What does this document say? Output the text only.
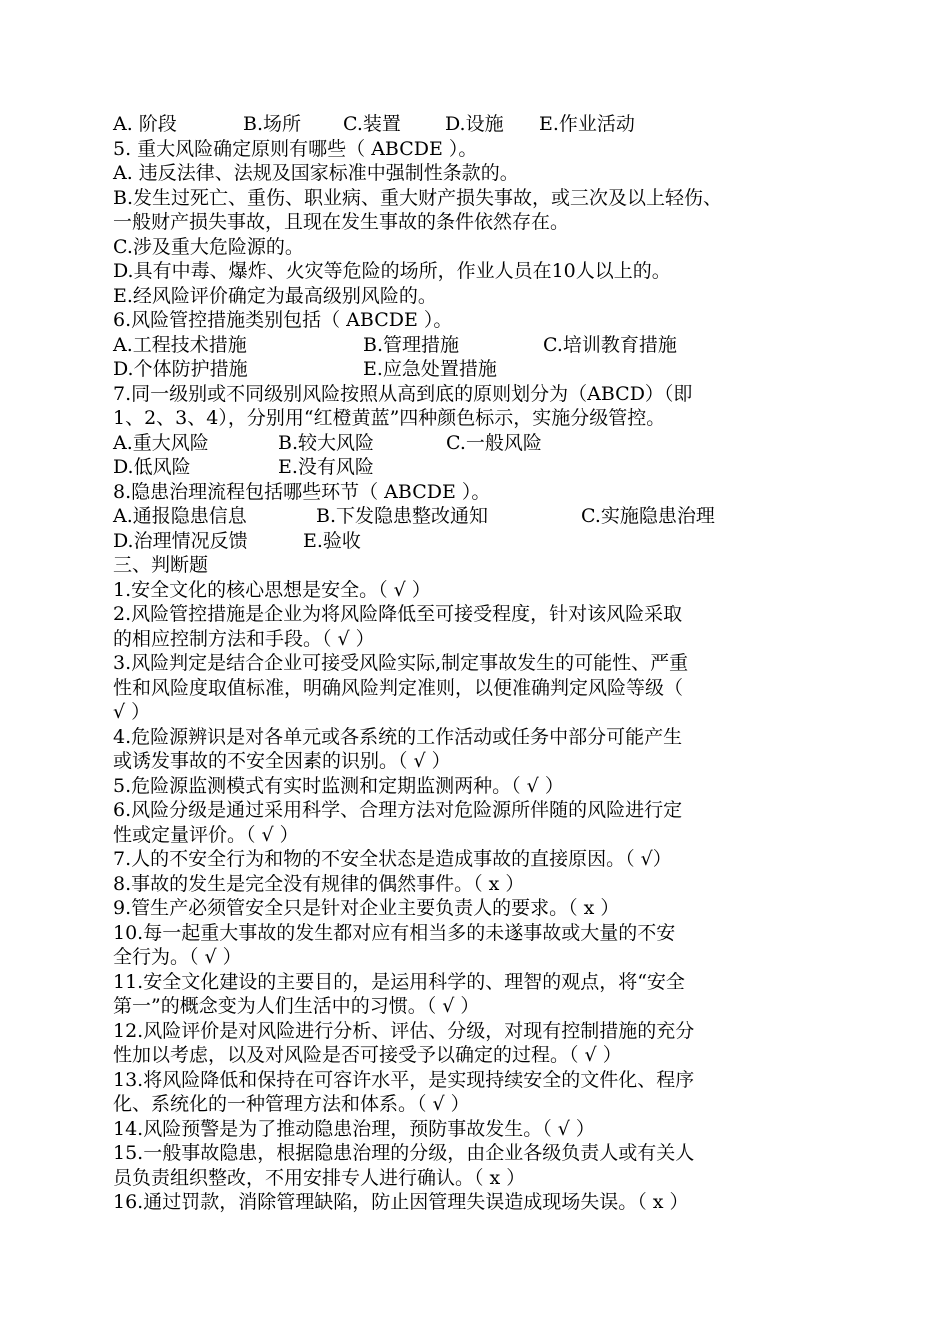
A. 阶段	B.场所 C.装置 D.设施 E.作业活动
5. 重大风险确定原则有哪些（ ABCDE ）。
A. 违反法律、法规及国家标准中强制性条款的。
B.发生过死亡、重伤、职业病、重大财产损失事故，或三次及以上轻伤、
一般财产损失事故，且现在发生事故的条件依然存在。
C.涉及重大危险源的。
D.具有中毒、爆炸、火灾等危险的场所，作业人员在10人以上的。
E.经风险评价确定为最高级别风险的。
6.风险管控措施类别包括（ ABCDE ）。
A.工程技术措施	B.管理措施	C.培训教育措施
D.个体防护措施	E.应急处置措施
7.同一级别或不同级别风险按照从高到底的原则划分为（ABCD）（即
1、2、3、4），分别用“红橙黄蓝”四种颜色标示，实施分级管控。
A.重大风险	B.较大风险	C.一般风险
D.低风险	E.没有风险
8.隐患治理流程包括哪些环节（ ABCDE ）。
A.通报隐患信息	B.下发隐患整改通知	C.实施隐患治理
D.治理情况反馈	E.验收
三、判断题
1.安全文化的核心思想是安全。（ √ ）
2.风险管控措施是企业为将风险降低至可接受程度，针对该风险采取
的相应控制方法和手段。（ √ ）
3.风险判定是结合企业可接受风险实际,制定事故发生的可能性、严重
性和风险度取值标准，明确风险判定准则，以便准确判定风险等级（
√ ）
4.危险源辨识是对各单元或各系统的工作活动或任务中部分可能产生
或诱发事故的不安全因素的识别。（ √ ）
5.危险源监测模式有实时监测和定期监测两种。（ √ ）
6.风险分级是通过采用科学、合理方法对危险源所伴随的风险进行定
性或定量评价。（ √ ）
7.人的不安全行为和物的不安全状态是造成事故的直接原因。（ √）
8.事故的发生是完全没有规律的偶然事件。（ x ）
9.管生产必须管安全只是针对企业主要负责人的要求。（ x ）
10.每一起重大事故的发生都对应有相当多的未遂事故或大量的不安
全行为。（ √ ）
11.安全文化建设的主要目的，是运用科学的、理智的观点，将“安全
第一”的概念变为人们生活中的习惯。（ √ ）
12.风险评价是对风险进行分析、评估、分级，对现有控制措施的充分
性加以考虑，以及对风险是否可接受予以确定的过程。（ √ ）
13.将风险降低和保持在可容许水平，是实现持续安全的文件化、程序
化、系统化的一种管理方法和体系。（ √ ）
14.风险预警是为了推动隐患治理，预防事故发生。（ √ ）
15.一般事故隐患，根据隐患治理的分级，由企业各级负责人或有关人
员负责组织整改，不用安排专人进行确认。（ x ）
16.通过罚款，消除管理缺陷，防止因管理失误造成现场失误。（ x ）
